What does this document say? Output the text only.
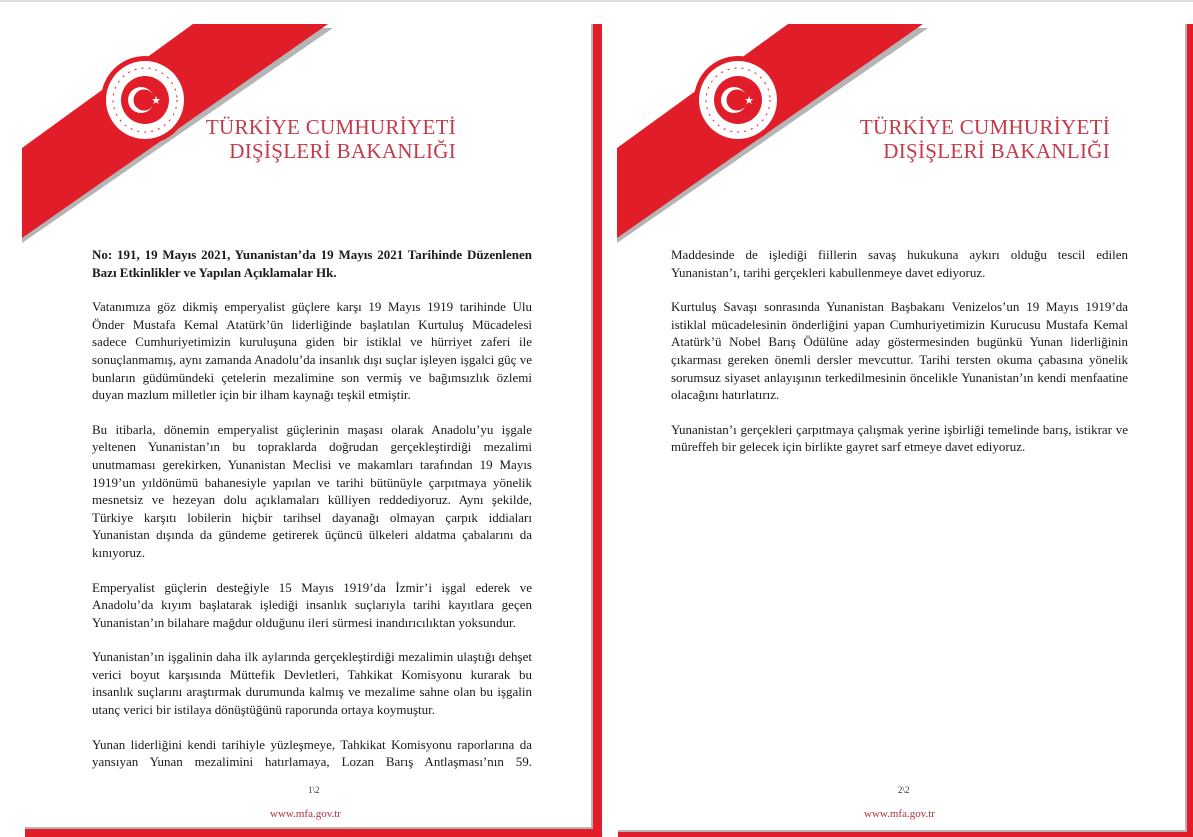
★
TÜRKİYE CUMHURİYETİ
DIŞİŞLERİ BAKANLIĞI

No: 191, 19 Mayıs 2021, Yunanistan’da 19 Mayıs 2021 Tarihinde Düzenlenen Bazı Etkinlikler ve Yapılan Açıklamalar Hk.

Vatanımıza göz dikmiş emperyalist güçlere karşı 19 Mayıs 1919 tarihinde Ulu Önder Mustafa Kemal Atatürk’ün liderliğinde başlatılan Kurtuluş Mücadelesi sadece Cumhuriyetimizin kuruluşuna giden bir istiklal ve hürriyet zaferi ile sonuçlanmamış, aynı zamanda Anadolu’da insanlık dışı suçlar işleyen işgalci güç ve bunların güdümündeki çetelerin mezalimine son vermiş ve bağımsızlık özlemi duyan mazlum milletler için bir ilham kaynağı teşkil etmiştir.

Bu itibarla, dönemin emperyalist güçlerinin maşası olarak Anadolu’yu işgale yeltenen Yunanistan’ın bu topraklarda doğrudan gerçekleştirdiği mezalimi unutmaması gerekirken, Yunanistan Meclisi ve makamları tarafından 19 Mayıs 1919’un yıldönümü bahanesiyle yapılan ve tarihi bütünüyle çarpıtmaya yönelik mesnetsiz ve hezeyan dolu açıklamaları külliyen reddediyoruz. Aynı şekilde, Türkiye karşıtı lobilerin hiçbir tarihsel dayanağı olmayan çarpık iddiaları Yunanistan dışında da gündeme getirerek üçüncü ülkeleri aldatma çabalarını da kınıyoruz.

Emperyalist güçlerin desteğiyle 15 Mayıs 1919’da İzmir’i işgal ederek ve Anadolu’da kıyım başlatarak işlediği insanlık suçlarıyla tarihi kayıtlara geçen Yunanistan’ın bilahare mağdur olduğunu ileri sürmesi inandırıcılıktan yoksundur.

Yunanistan’ın işgalinin daha ilk aylarında gerçekleştirdiği mezalimin ulaştığı dehşet verici boyut karşısında Müttefik Devletleri, Tahkikat Komisyonu kurarak bu insanlık suçlarını araştırmak durumunda kalmış ve mezalime sahne olan bu işgalin utanç verici bir istilaya dönüştüğünü raporunda ortaya koymuştur.

Yunan liderliğini kendi tarihiyle yüzleşmeye, Tahkikat Komisyonu raporlarına da yansıyan Yunan mezalimini hatırlamaya, Lozan Barış Antlaşması’nın 59.

1\2
www.mfa.gov.tr
★
TÜRKİYE CUMHURİYETİ
DIŞİŞLERİ BAKANLIĞI

Maddesinde de işlediği fiillerin savaş hukukuna aykırı olduğu tescil edilen Yunanistan’ı, tarihi gerçekleri kabullenmeye davet ediyoruz.

Kurtuluş Savaşı sonrasında Yunanistan Başbakanı Venizelos’un 19 Mayıs 1919’da istiklal mücadelesinin önderliğini yapan Cumhuriyetimizin Kurucusu Mustafa Kemal Atatürk’ü Nobel Barış Ödülüne aday göstermesinden bugünkü Yunan liderliğinin çıkarması gereken önemli dersler mevcuttur. Tarihi tersten okuma çabasına yönelik sorumsuz siyaset anlayışının terkedilmesinin öncelikle Yunanistan’ın kendi menfaatine olacağını hatırlatırız.

Yunanistan’ı gerçekleri çarpıtmaya çalışmak yerine işbirliği temelinde barış, istikrar ve müreffeh bir gelecek için birlikte gayret sarf etmeye davet ediyoruz.

2\2
www.mfa.gov.tr
